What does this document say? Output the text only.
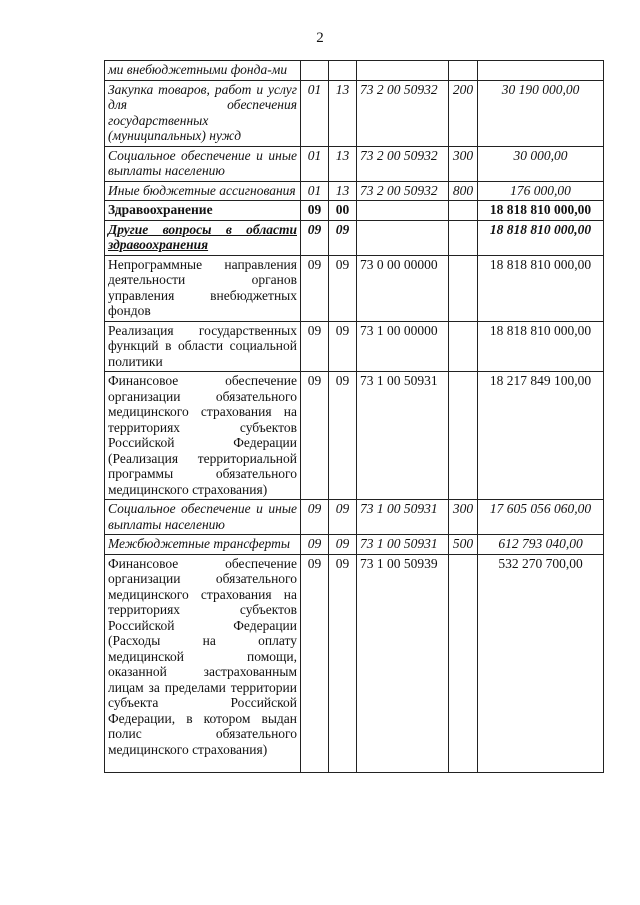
2
ми внебюджетными фонда-ми					
Закупка товаров, работ и услуг для обеспечения государственных (муниципальных) нужд	01	13	73 2 00 50932	200	30 190 000,00
Социальное обеспечение и иные выплаты населению	01	13	73 2 00 50932	300	30 000,00
Иные бюджетные ассигнования	01	13	73 2 00 50932	800	176 000,00
Здравоохранение	09	00			18 818 810 000,00
Другие вопросы в области здравоохранения	09	09			18 818 810 000,00
Непрограммные направления деятельности органов управления внебюджетных фондов	09	09	73 0 00 00000		18 818 810 000,00
Реализация государственных функций в области социальной политики	09	09	73 1 00 00000		18 818 810 000,00
Финансовое обеспечение организации обязательного медицинского страхования на территориях субъектов Российской Федерации (Реализация территориальной программы обязательного медицинского страхования)	09	09	73 1 00 50931		18 217 849 100,00
Социальное обеспечение и иные выплаты населению	09	09	73 1 00 50931	300	17 605 056 060,00
Межбюджетные трансферты	09	09	73 1 00 50931	500	612 793 040,00
Финансовое обеспечение организации обязательного медицинского страхования на территориях субъектов Российской Федерации (Расходы на оплату медицинской помощи, оказанной застрахованным лицам за пределами территории субъекта Российской Федерации, в котором выдан полис обязательного медицинского страхования)	09	09	73 1 00 50939		532 270 700,00
